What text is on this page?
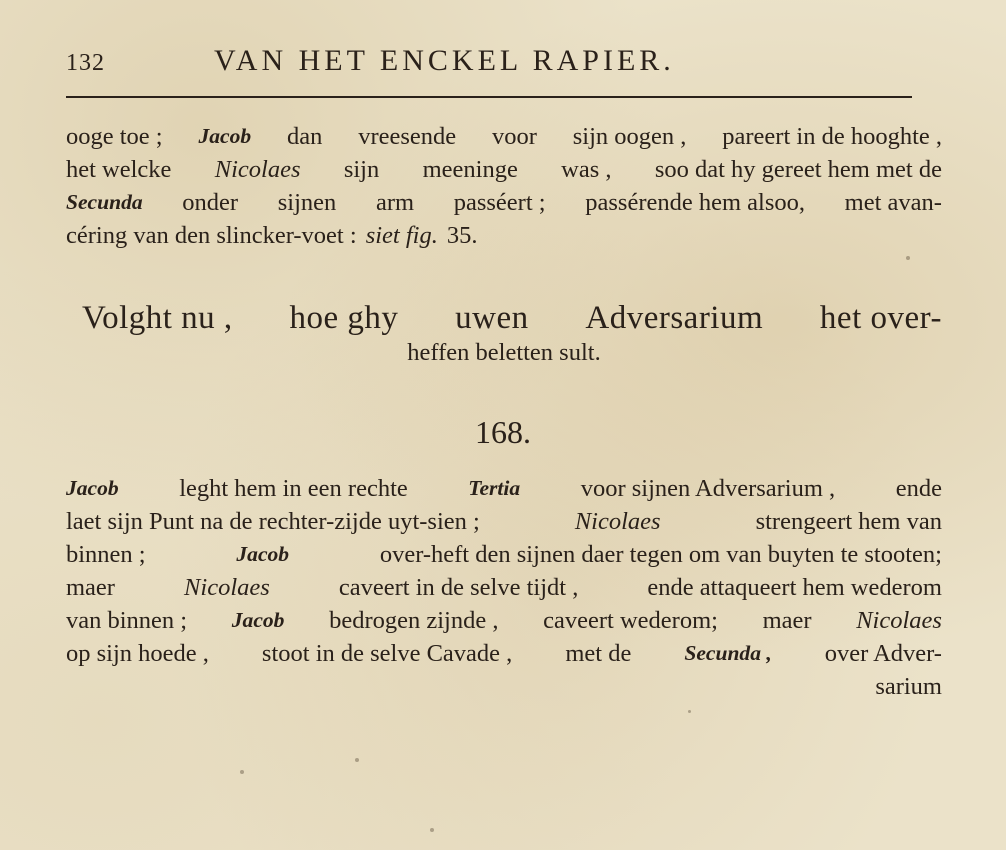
132	VAN HET ENCKEL RAPIER.
ooge toe ; Jacob dan vreesende voor sijn oogen , pareert in de hooghte ,
het welcke Nicolaes sijn meeninge was , soo dat hy gereet hem met de
Secunda onder sijnen arm passéert ; passérende hem alsoo, met avan-
céring van den slincker-voet : siet fig. 35.
Volght nu , hoe ghy uwen Adversarium het over-
heffen beletten sult.
168.
Jacob leght hem in een rechte	Tertia voor sijnen Adversarium , ende
laet sijn Punt na de rechter-zijde uyt-sien ;	Nicolaes	strengeert hem van
binnen ;	Jacob	over-heft den sijnen daer tegen om van buyten te stooten;
maer	Nicolaes	caveert in de selve tijdt ,	ende attaqueert hem wederom
van binnen ; Jacob bedrogen zijnde , caveert wederom; maer Nicolaes
op sijn hoede , stoot in de selve Cavade , met de Secunda , over Adver-
sarium
